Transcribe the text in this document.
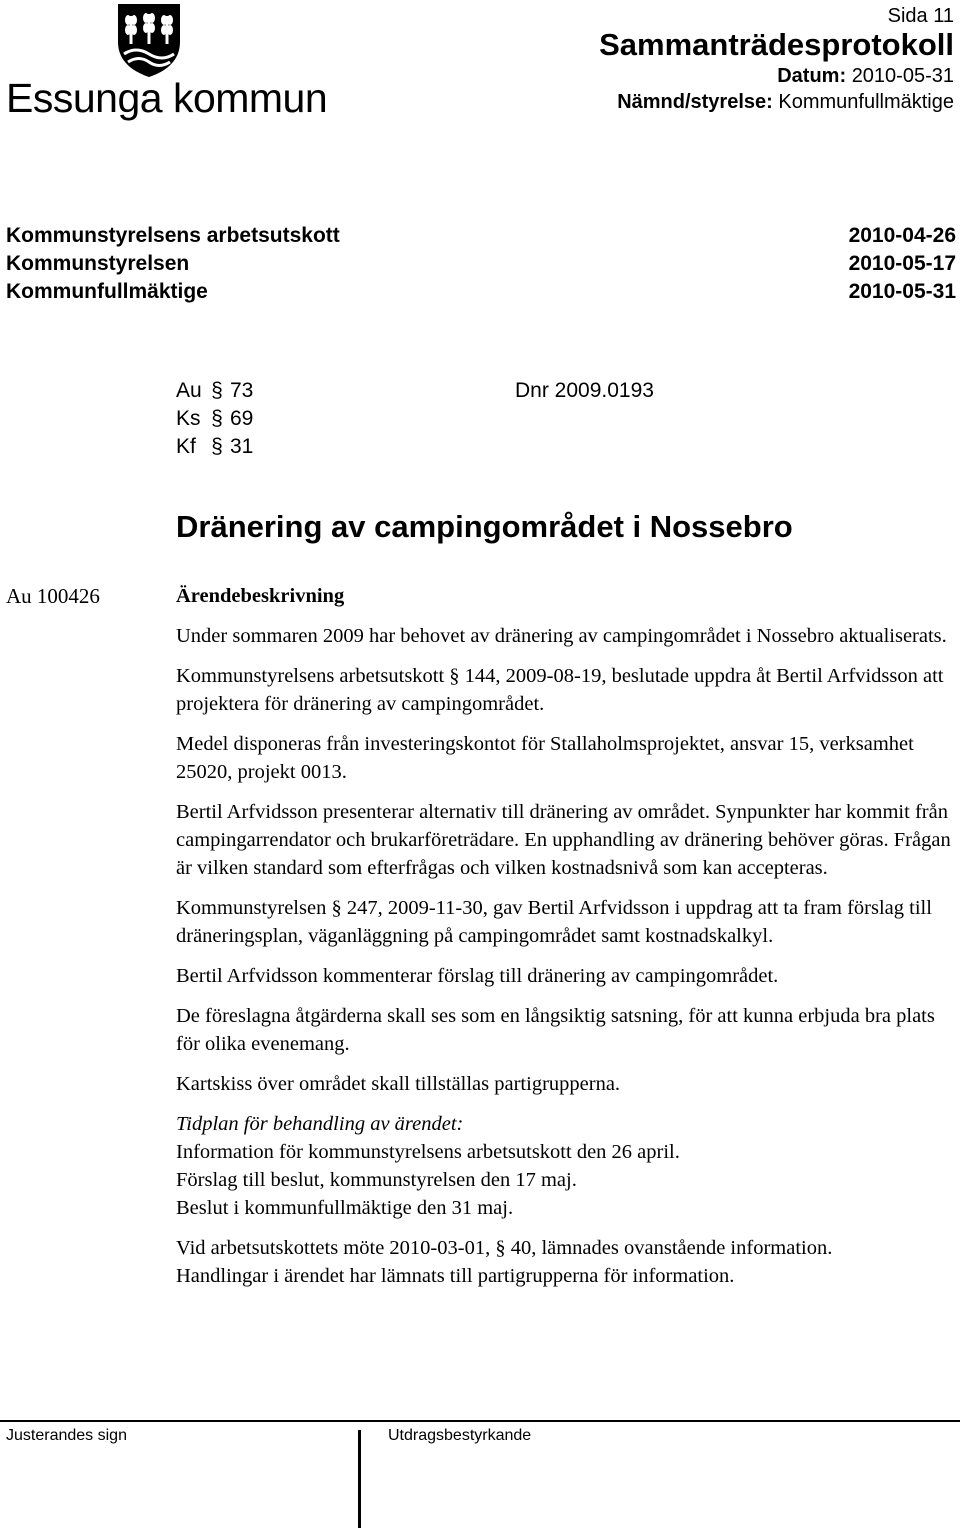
Essunga kommun
Sida 11
Sammanträdesprotokoll
Datum: 2010-05-31
Nämnd/styrelse: Kommunfullmäktige
Kommunstyrelsens arbetsutskott	2010-04-26
Kommunstyrelsen	2010-05-17
Kommunfullmäktige	2010-05-31
Au § 73
Ks § 69
Kf § 31
Dnr 2009.0193
Dränering av campingområdet i Nossebro
Au 100426	Ärendebeskrivning

Under sommaren 2009 har behovet av dränering av campingområdet i Nossebro aktualiserats.

Kommunstyrelsens arbetsutskott § 144, 2009-08-19, beslutade uppdra åt Bertil Arfvidsson att projektera för dränering av campingområdet.

Medel disponeras från investeringskontot för Stallaholmsprojektet, ansvar 15, verksamhet 25020, projekt 0013.

Bertil Arfvidsson presenterar alternativ till dränering av området. Synpunkter har kommit från campingarrendator och brukarföreträdare. En upphandling av dränering behöver göras. Frågan är vilken standard som efterfrågas och vilken kostnadsnivå som kan accepteras.

Kommunstyrelsen § 247, 2009-11-30, gav Bertil Arfvidsson i uppdrag att ta fram förslag till dräneringsplan, väganläggning på campingområdet samt kostnadskalkyl.

Bertil Arfvidsson kommenterar förslag till dränering av campingområdet.

De föreslagna åtgärderna skall ses som en långsiktig satsning, för att kunna erbjuda bra plats för olika evenemang.

Kartskiss över området skall tillställas partigrupperna.

Tidplan för behandling av ärendet:

Information för kommunstyrelsens arbetsutskott den 26 april.

Förslag till beslut, kommunstyrelsen den 17 maj.

Beslut i kommunfullmäktige den 31 maj.

Vid arbetsutskottets möte 2010-03-01, § 40, lämnades ovanstående information.

Handlingar i ärendet har lämnats till partigrupperna för information.

Justerandes sign	Utdragsbestyrkande
